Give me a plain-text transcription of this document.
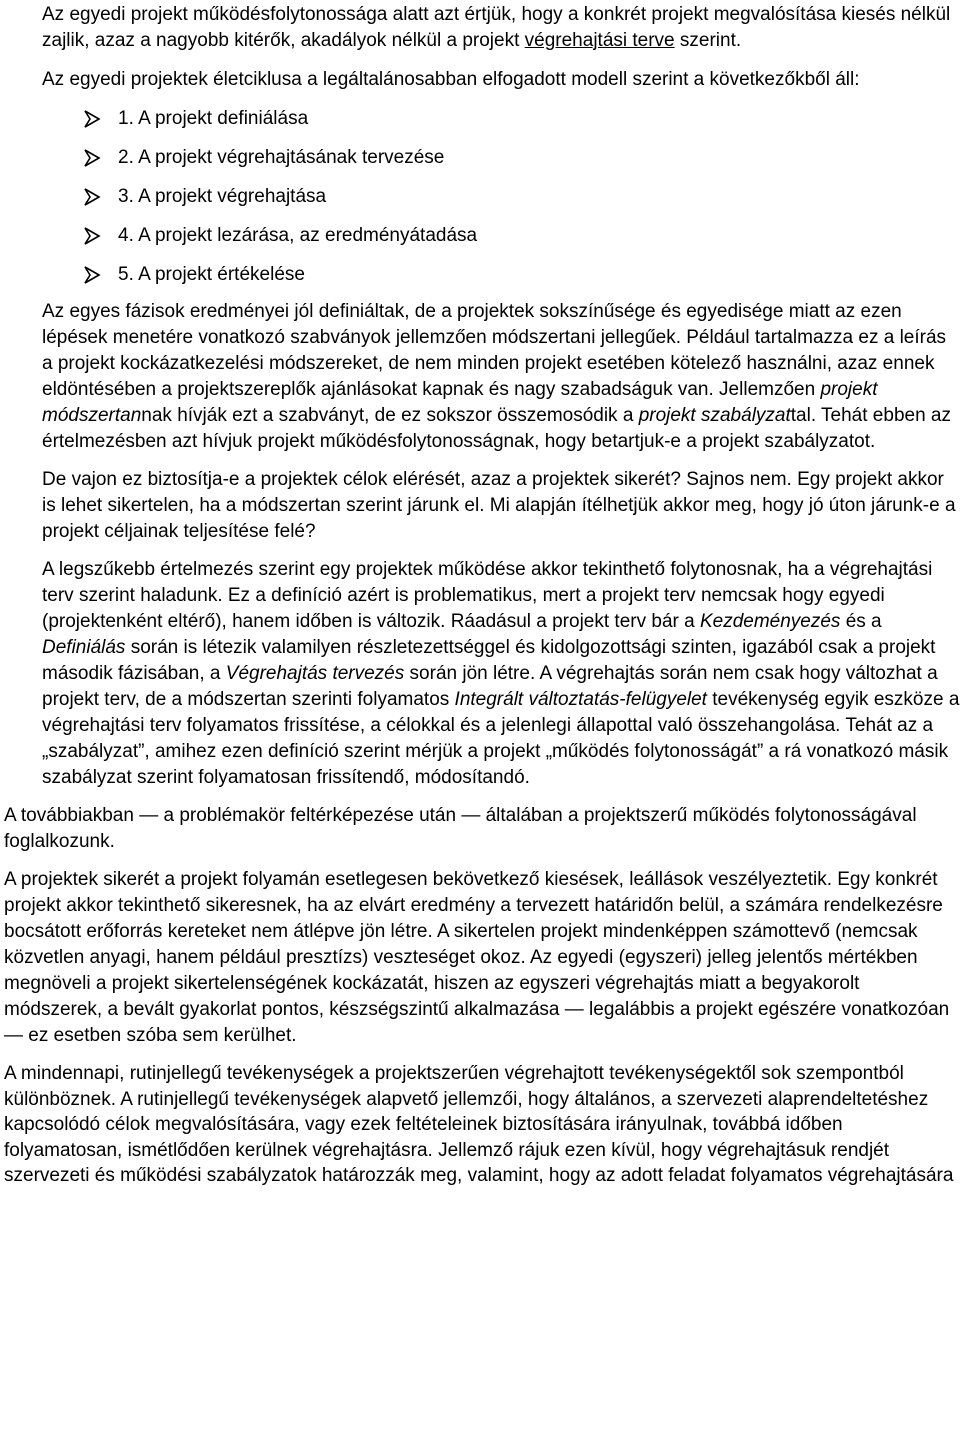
Az egyedi projekt működésfolytonossága alatt azt értjük, hogy a konkrét projekt megvalósítása kiesés nélkül zajlik, azaz a nagyobb kitérők, akadályok nélkül a projekt végrehajtási terve szerint.

Az egyedi projektek életciklusa a legáltalánosabban elfogadott modell szerint a következőkből áll:

1. A projekt definiálása
2. A projekt végrehajtásának tervezése
3. A projekt végrehajtása
4. A projekt lezárása, az eredményátadása
5. A projekt értékelése
Az egyes fázisok eredményei jól definiáltak, de a projektek sokszínűsége és egyedisége miatt az ezen lépések menetére vonatkozó szabványok jellemzően módszertani jellegűek. Például tartalmazza ez a leírás a projekt kockázatkezelési módszereket, de nem minden projekt esetében kötelező használni, azaz ennek eldöntésében a projektszereplők ajánlásokat kapnak és nagy szabadságuk van. Jellemzően projekt módszertannak hívják ezt a szabványt, de ez sokszor összemosódik a projekt szabályzattal. Tehát ebben az értelmezésben azt hívjuk projekt működésfolytonosságnak, hogy betartjuk-e a projekt szabályzatot.

De vajon ez biztosítja-e a projektek célok elérését, azaz a projektek sikerét? Sajnos nem. Egy projekt akkor is lehet sikertelen, ha a módszertan szerint járunk el. Mi alapján ítélhetjük akkor meg, hogy jó úton járunk-e a projekt céljainak teljesítése felé?

A legszűkebb értelmezés szerint egy projektek működése akkor tekinthető folytonosnak, ha a végrehajtási terv szerint haladunk. Ez a definíció azért is problematikus, mert a projekt terv nemcsak hogy egyedi (projektenként eltérő), hanem időben is változik. Ráadásul a projekt terv bár a Kezdeményezés és a Definiálás során is létezik valamilyen részletezettséggel és kidolgozottsági szinten, igazából csak a projekt második fázisában, a Végrehajtás tervezés során jön létre. A végrehajtás során nem csak hogy változhat a projekt terv, de a módszertan szerinti folyamatos Integrált változtatás-felügyelet tevékenység egyik eszköze a végrehajtási terv folyamatos frissítése, a célokkal és a jelenlegi állapottal való összehangolása. Tehát az a „szabályzat”, amihez ezen definíció szerint mérjük a projekt „működés folytonosságát” a rá vonatkozó másik szabályzat szerint folyamatosan frissítendő, módosítandó.

A továbbiakban — a problémakör feltérképezése után — általában a projektszerű működés folytonosságával foglalkozunk.

A projektek sikerét a projekt folyamán esetlegesen bekövetkező kiesések, leállások veszélyeztetik. Egy konkrét projekt akkor tekinthető sikeresnek, ha az elvárt eredmény a tervezett határidőn belül, a számára rendelkezésre bocsátott erőforrás kereteket nem átlépve jön létre. A sikertelen projekt mindenképpen számottevő (nemcsak közvetlen anyagi, hanem például presztízs) veszteséget okoz. Az egyedi (egyszeri) jelleg jelentős mértékben megnöveli a projekt sikertelenségének kockázatát, hiszen az egyszeri végrehajtás miatt a begyakorolt módszerek, a bevált gyakorlat pontos, készségszintű alkalmazása — legalábbis a projekt egészére vonatkozóan — ez esetben szóba sem kerülhet.

A mindennapi, rutinjellegű tevékenységek a projektszerűen végrehajtott tevékenységektől sok szempontból különböznek. A rutinjellegű tevékenységek alapvető jellemzői, hogy általános, a szervezeti alaprendeltetéshez kapcsolódó célok megvalósítására, vagy ezek feltételeinek biztosítására irányulnak, továbbá időben folyamatosan, ismétlődően kerülnek végrehajtásra. Jellemző rájuk ezen kívül, hogy végrehajtásuk rendjét szervezeti és működési szabályzatok határozzák meg, valamint, hogy az adott feladat folyamatos végrehajtására
